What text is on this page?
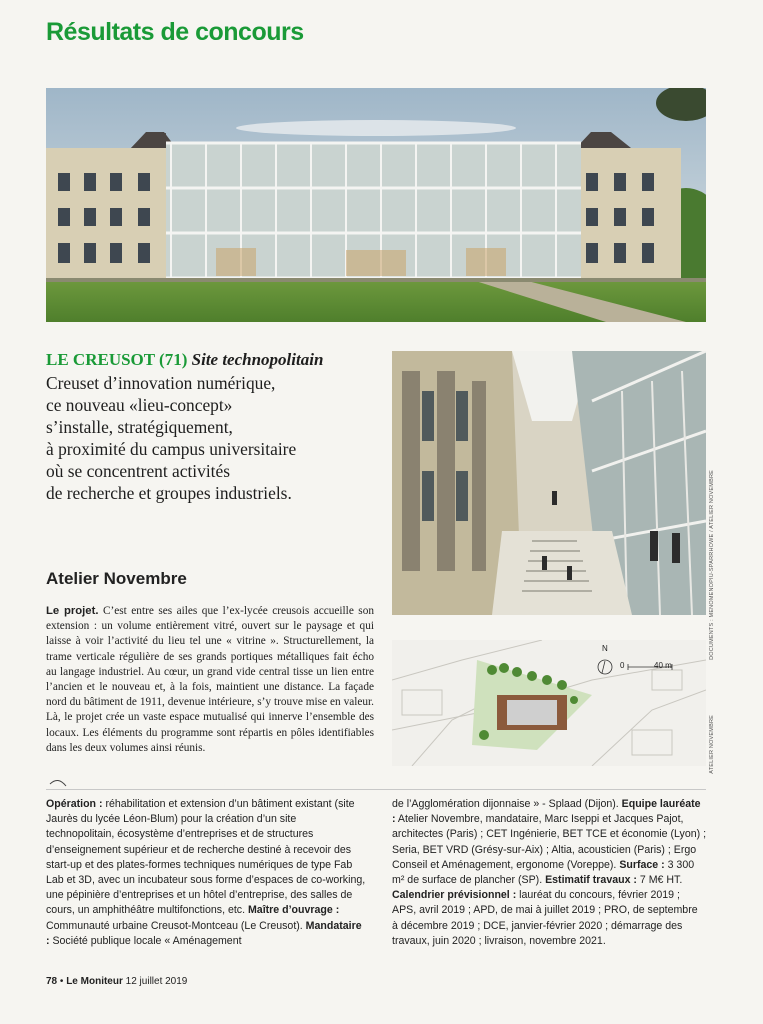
Résultats de concours
LE CREUSOT (71) Site technopolitain
Creuset d’innovation numérique,
ce nouveau «lieu-concept»
s’installe, stratégiquement,
à proximité du campus universitaire
où se concentrent activités
de recherche et groupes industriels.	DOCUMENTS : MENOMENOPIU-SPARRHOWE / ATELIER NOVEMBRE
Atelier Novembre
Le projet. C’est entre ses ailes que l’ex-lycée creusois accueille son extension : un volume entièrement vitré, ouvert sur le paysage et qui laisse à voir l’activité du lieu tel une « vitrine ». Structurellement, la trame verticale régulière de ses grands portiques métalliques fait écho au langage industriel. Au cœur, un grand vide central tisse un lien entre l’ancien et le nouveau et, à la fois, maintient une distance. La façade nord du bâtiment de 1911, devenue intérieure, s’y trouve mise en valeur. Là, le projet crée un vaste espace mutualisé qui innerve l’ensemble des locaux. Les éléments du programme sont répartis en pôles identifiables dans les deux volumes ainsi réunis.
N
0	40 m
ATELIER NOVEMBRE
Opération : réhabilitation et extension d’un bâtiment existant (site Jaurès du lycée Léon-Blum) pour la création d’un site technopolitain, écosystème d’entreprises et de structures d’enseignement supérieur et de recherche destiné à recevoir des start-up et des plates-formes techniques numériques de type Fab Lab et 3D, avec un incubateur sous forme d’espaces de co-working, une pépinière d’entreprises et un hôtel d’entreprise, des salles de cours, un amphithéâtre multifonctions, etc. Maître d’ouvrage : Communauté urbaine Creusot-Montceau (Le Creusot). Mandataire : Société publique locale « Aménagement
de l’Agglomération dijonnaise » - Splaad (Dijon). Equipe lauréate : Atelier Novembre, mandataire, Marc Iseppi et Jacques Pajot, architectes (Paris) ; CET Ingénierie, BET TCE et économie (Lyon) ; Seria, BET VRD (Grésy-sur-Aix) ; Altia, acousticien (Paris) ; Ergo Conseil et Aménagement, ergonome (Voreppe). Surface : 3 300 m² de surface de plancher (SP). Estimatif travaux : 7 M€ HT. Calendrier prévisionnel : lauréat du concours, février 2019 ; APS, avril 2019 ; APD, de mai à juillet 2019 ; PRO, de septembre à décembre 2019 ; DCE, janvier-février 2020 ; démarrage des travaux, juin 2020 ; livraison, novembre 2021.
78 • Le Moniteur 12 juillet 2019
